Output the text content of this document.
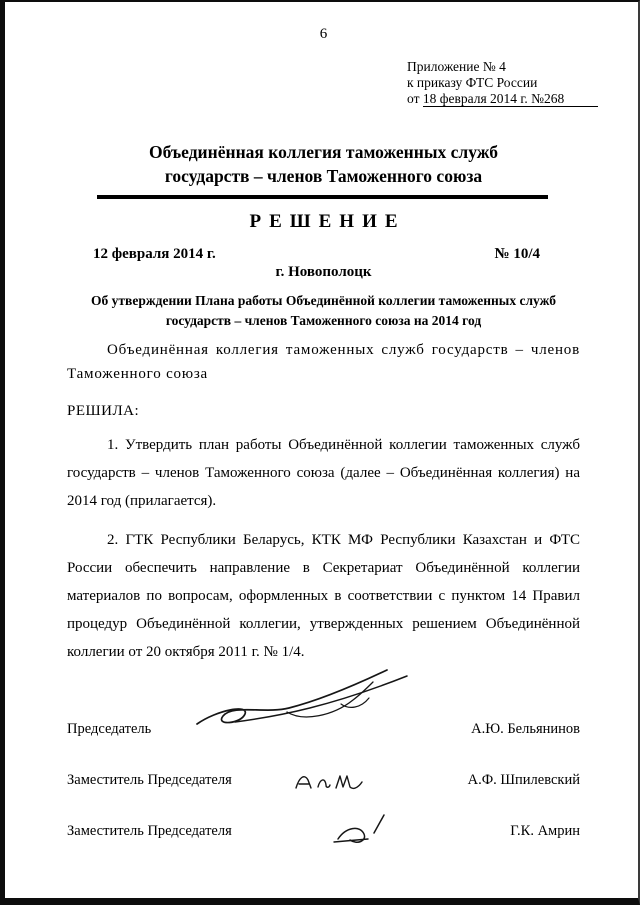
6
Приложение № 4
к приказу ФТС России
от 18 февраля 2014 г. №268
Объединённая коллегия таможенных служб
государств – членов Таможенного союза
РЕШЕНИЕ
12 февраля 2014 г.	№ 10/4
г. Новополоцк
Об утверждении Плана работы Объединённой коллегии таможенных служб государств – членов Таможенного союза на 2014 год
Объединённая коллегия таможенных служб государств – членов Таможенного союза
РЕШИЛА:
1. Утвердить план работы Объединённой коллегии таможенных служб государств – членов Таможенного союза (далее – Объединённая коллегия) на 2014 год (прилагается).
2. ГТК Республики Беларусь, КТК МФ Республики Казахстан и ФТС России обеспечить направление в Секретариат Объединённой коллегии материалов по вопросам, оформленных в соответствии с пунктом 14 Правил процедур Объединённой коллегии, утвержденных решением Объединённой коллегии от 20 октября 2011 г. № 1/4.
Председатель	А.Ю. Бельянинов
Заместитель Председателя	А.Ф. Шпилевский
Заместитель Председателя	Г.К. Амрин
